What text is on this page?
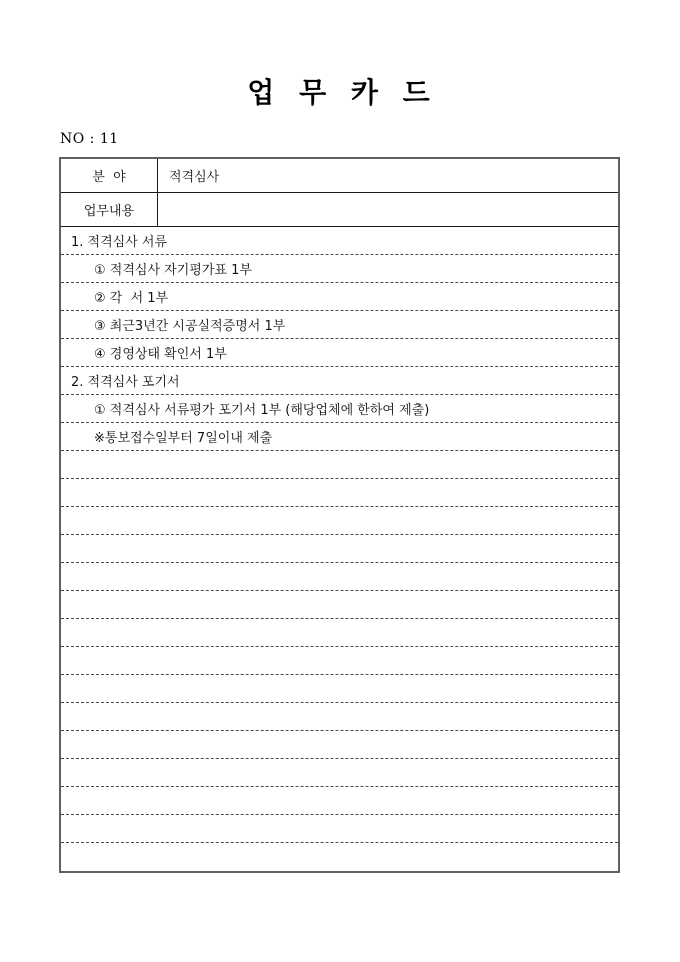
업 무 카 드
NO : 11
분  야	적격심사
업무내용
1. 적격심사 서류
① 적격심사 자기평가표 1부
② 각  서 1부
③ 최근3년간 시공실적증명서 1부
④ 경영상태 확인서 1부
2. 적격심사 포기서
① 적격심사 서류평가 포기서 1부 (해당업체에 한하여 제출)
※통보접수일부터 7일이내 제출
